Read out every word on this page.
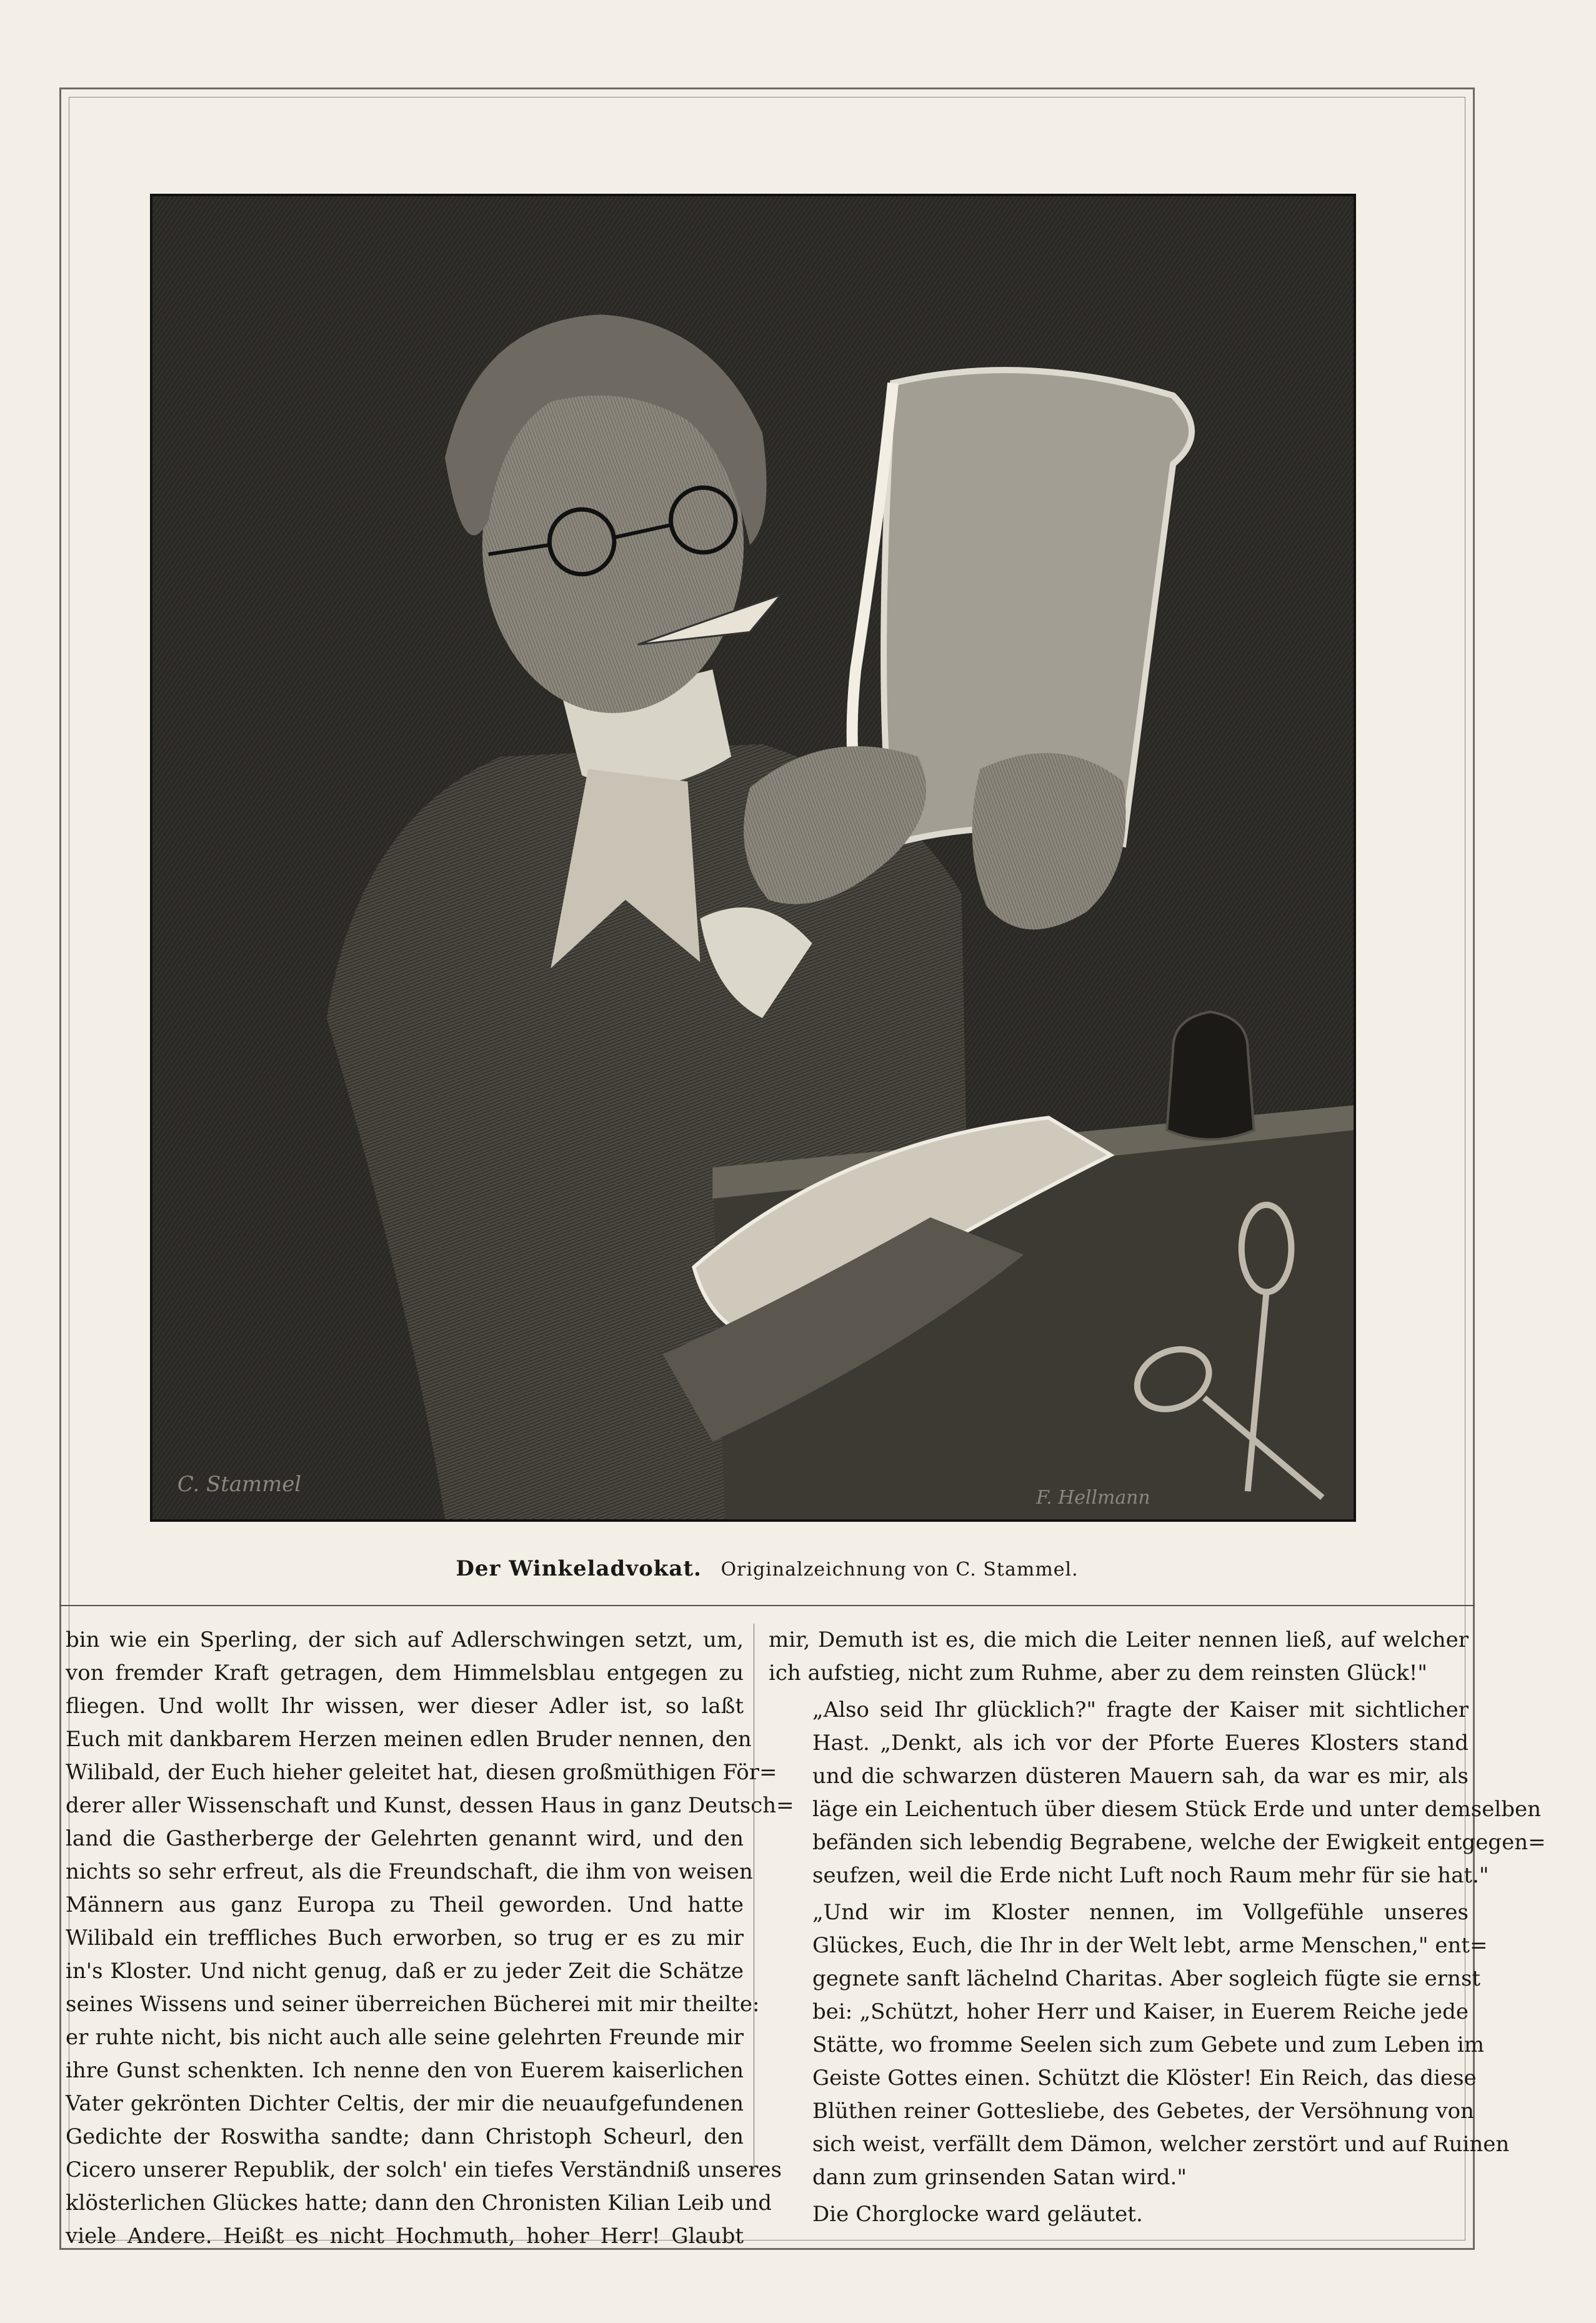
C. Stammel
F. Hellmann
Der Winkeladvokat. Originalzeichnung von C. Stammel.

bin wie ein Sperling, der sich auf Adlerschwingen setzt, um,
von fremder Kraft getragen, dem Himmelsblau entgegen zu
fliegen. Und wollt Ihr wissen, wer dieser Adler ist, so laßt
Euch mit dankbarem Herzen meinen edlen Bruder nennen, den
Wilibald, der Euch hieher geleitet hat, diesen großmüthigen För=
derer aller Wissenschaft und Kunst, dessen Haus in ganz Deutsch=
land die Gastherberge der Gelehrten genannt wird, und den
nichts so sehr erfreut, als die Freundschaft, die ihm von weisen
Männern aus ganz Europa zu Theil geworden. Und hatte
Wilibald ein treffliches Buch erworben, so trug er es zu mir
in's Kloster. Und nicht genug, daß er zu jeder Zeit die Schätze
seines Wissens und seiner überreichen Bücherei mit mir theilte:
er ruhte nicht, bis nicht auch alle seine gelehrten Freunde mir
ihre Gunst schenkten. Ich nenne den von Euerem kaiserlichen
Vater gekrönten Dichter Celtis, der mir die neuaufgefundenen
Gedichte der Roswitha sandte; dann Christoph Scheurl, den
Cicero unserer Republik, der solch' ein tiefes Verständniß unseres
klösterlichen Glückes hatte; dann den Chronisten Kilian Leib und
viele Andere. Heißt es nicht Hochmuth, hoher Herr! Glaubt

mir, Demuth ist es, die mich die Leiter nennen ließ, auf welcher
ich aufstieg, nicht zum Ruhme, aber zu dem reinsten Glück!"

„Also seid Ihr glücklich?" fragte der Kaiser mit sichtlicher
Hast. „Denkt, als ich vor der Pforte Eueres Klosters stand
und die schwarzen düsteren Mauern sah, da war es mir, als
läge ein Leichentuch über diesem Stück Erde und unter demselben
befänden sich lebendig Begrabene, welche der Ewigkeit entgegen=
seufzen, weil die Erde nicht Luft noch Raum mehr für sie hat."

„Und wir im Kloster nennen, im Vollgefühle unseres
Glückes, Euch, die Ihr in der Welt lebt, arme Menschen," ent=
gegnete sanft lächelnd Charitas. Aber sogleich fügte sie ernst
bei: „Schützt, hoher Herr und Kaiser, in Euerem Reiche jede
Stätte, wo fromme Seelen sich zum Gebete und zum Leben im
Geiste Gottes einen. Schützt die Klöster! Ein Reich, das diese
Blüthen reiner Gottesliebe, des Gebetes, der Versöhnung von
sich weist, verfällt dem Dämon, welcher zerstört und auf Ruinen
dann zum grinsenden Satan wird."

Die Chorglocke ward geläutet.
